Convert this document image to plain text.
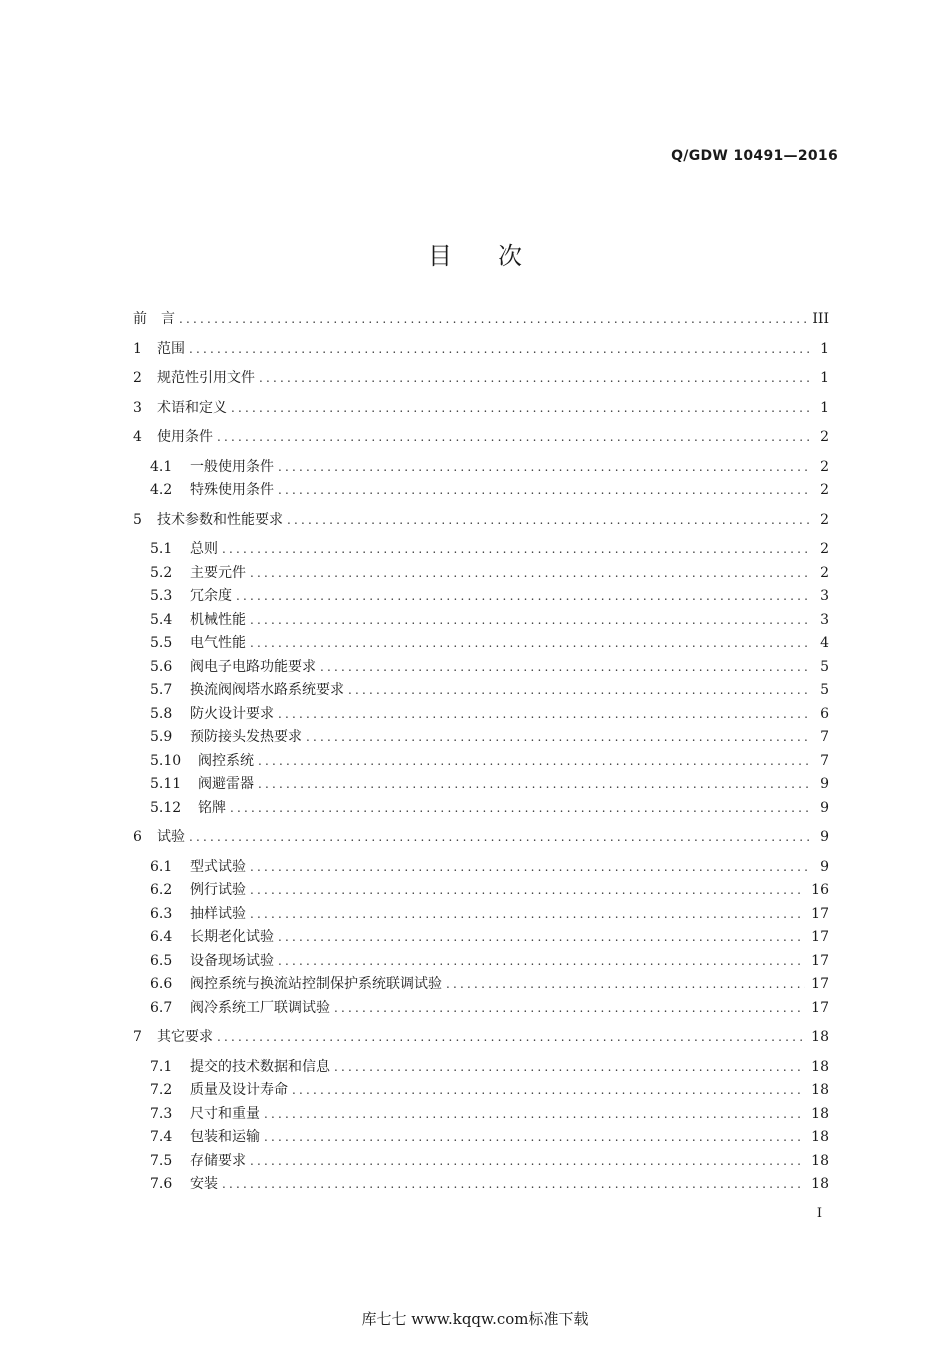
Q/GDW 10491—2016
目次
前　言 .....	III
1	范围 .....	1
2	规范性引用文件 .....	1
3	术语和定义 .....	1
4	使用条件 .....	2
4.1	一般使用条件 .....	2
4.2	特殊使用条件 .....	2
5	技术参数和性能要求 .....	2
5.1	总则 .....	2
5.2	主要元件 .....	2
5.3	冗余度 .....	3
5.4	机械性能 .....	3
5.5	电气性能 .....	4
5.6	阀电子电路功能要求 .....	5
5.7	换流阀阀塔水路系统要求 .....	5
5.8	防火设计要求 .....	6
5.9	预防接头发热要求 .....	7
5.10	阀控系统 .....	7
5.11	阀避雷器 .....	9
5.12	铭牌 .....	9
6	试验 .....	9
6.1	型式试验 .....	9
6.2	例行试验 .....	16
6.3	抽样试验 .....	17
6.4	长期老化试验 .....	17
6.5	设备现场试验 .....	17
6.6	阀控系统与换流站控制保护系统联调试验 .....	17
6.7	阀冷系统工厂联调试验 .....	17
7	其它要求 .....	18
7.1	提交的技术数据和信息 .....	18
7.2	质量及设计寿命 .....	18
7.3	尺寸和重量 .....	18
7.4	包装和运输 .....	18
7.5	存储要求 .....	18
7.6	安装 .....	18
I
库七七 www.kqqw.com标准下载
